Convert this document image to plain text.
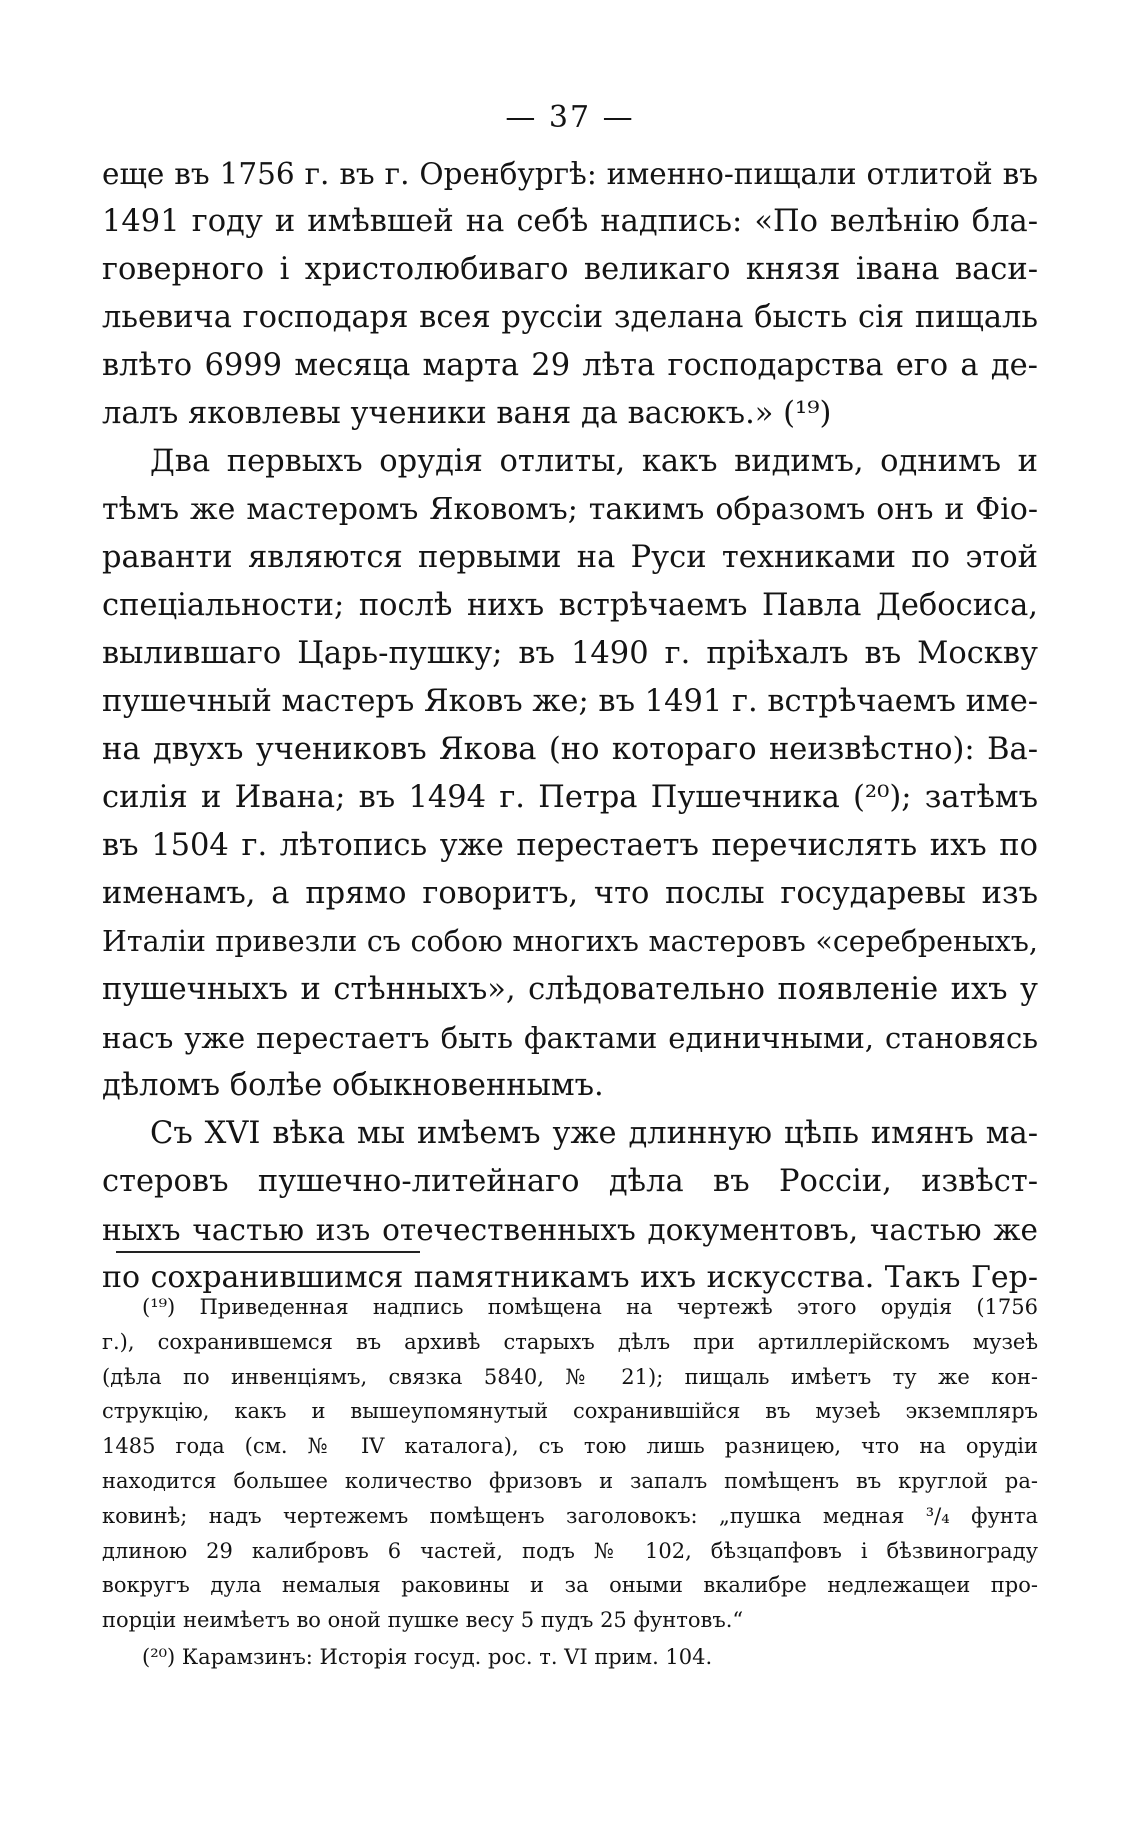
— 37 —
еще въ 1756 г. въ г. Оренбургѣ: именно-пищали отлитой въ
1491 году и имѣвшей на себѣ надпись: «По велѣнію бла-
говерного і христолюбиваго великаго князя івана васи-
льевича господаря всея руссіи зделана бысть сія пищаль
влѣто 6999 месяца марта 29 лѣта господарства его а де-
лалъ яковлевы ученики ваня да васюкъ.» (¹⁹)
Два первыхъ орудія отлиты, какъ видимъ, однимъ и
тѣмъ же мастеромъ Яковомъ; такимъ образомъ онъ и Фіо-
раванти являются первыми на Руси техниками по этой
спеціальности; послѣ нихъ встрѣчаемъ Павла Дебосиса,
вылившаго Царь-пушку; въ 1490 г. пріѣхалъ въ Москву
пушечный мастеръ Яковъ же; въ 1491 г. встрѣчаемъ име-
на двухъ учениковъ Якова (но котораго неизвѣстно): Ва-
силія и Ивана; въ 1494 г. Петра Пушечника (²⁰); затѣмъ
въ 1504 г. лѣтопись уже перестаетъ перечислять ихъ по
именамъ, а прямо говоритъ, что послы государевы изъ
Италіи привезли съ собою многихъ мастеровъ «серебреныхъ,
пушечныхъ и стѣнныхъ», слѣдовательно появленіе ихъ у
насъ уже перестаетъ быть фактами единичными, становясь
дѣломъ болѣе обыкновеннымъ.
Съ XVI вѣка мы имѣемъ уже длинную цѣпь имянъ ма-
стеровъ пушечно-литейнаго дѣла въ Россіи, извѣст-
ныхъ частью изъ отечественныхъ документовъ, частью же
по сохранившимся памятникамъ ихъ искусства. Такъ Гер-
(¹⁹) Приведенная надпись помѣщена на чертежѣ этого орудія (1756
г.), сохранившемся въ архивѣ старыхъ дѣлъ при артиллерійскомъ музеѣ
(дѣла по инвенціямъ, связка 5840, № 21); пищаль имѣетъ ту же кон-
струкцію, какъ и вышеупомянутый сохранившійся въ музеѣ экземпляръ
1485 года (см. № IV каталога), съ тою лишь разницею, что на орудіи
находится большее количество фризовъ и запалъ помѣщенъ въ круглой ра-
ковинѣ; надъ чертежемъ помѣщенъ заголовокъ: „пушка медная ³/₄ фунта
длиною 29 калибровъ 6 частей, подъ № 102, бѣзцапфовъ і бѣзвинограду
вокругъ дула немалыя раковины и за оными вкалибре недлежащеи про-
порціи неимѣетъ во оной пушке весу 5 пудъ 25 фунтовъ.“
(²⁰) Карамзинъ: Исторія госуд. рос. т. VI прим. 104.
